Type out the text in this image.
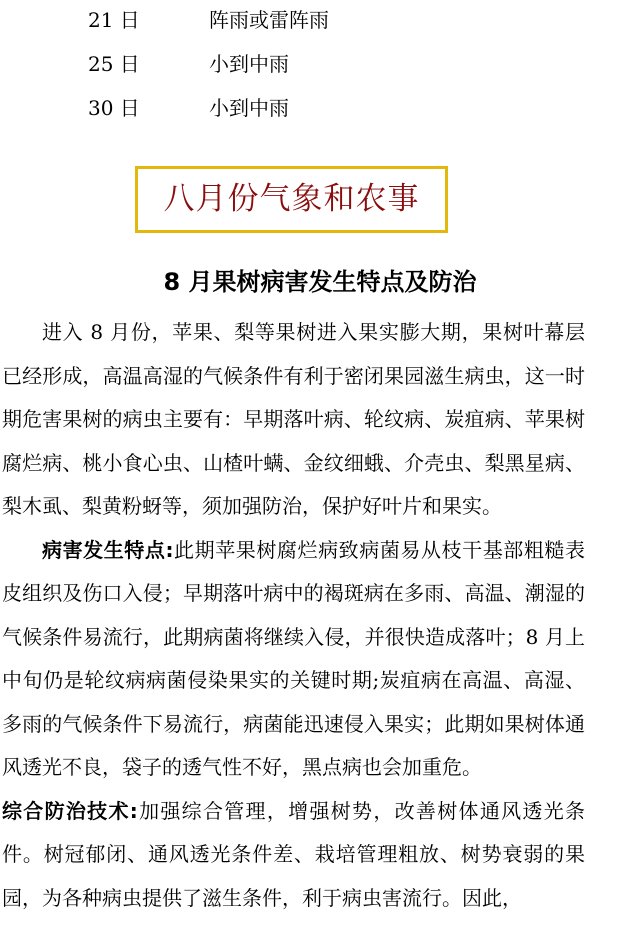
21 日	阵雨或雷阵雨
25 日	小到中雨
30 日	小到中雨
八月份气象和农事
8 月果树病害发生特点及防治

进入 8 月份，苹果、梨等果树进入果实膨大期，果树叶幕层已经形成，高温高湿的气候条件有利于密闭果园滋生病虫，这一时期危害果树的病虫主要有：早期落叶病、轮纹病、炭疽病、苹果树腐烂病、桃小食心虫、山楂叶螨、金纹细蛾、介壳虫、梨黑星病、梨木虱、梨黄粉蚜等，须加强防治，保护好叶片和果实。

病害发生特点:此期苹果树腐烂病致病菌易从枝干基部粗糙表皮组织及伤口入侵；早期落叶病中的褐斑病在多雨、高温、潮湿的气候条件易流行，此期病菌将继续入侵，并很快造成落叶；8 月上中旬仍是轮纹病病菌侵染果实的关键时期;炭疽病在高温、高湿、多雨的气候条件下易流行，病菌能迅速侵入果实；此期如果树体通风透光不良，袋子的透气性不好，黑点病也会加重危。

综合防治技术:加强综合管理，增强树势，改善树体通风透光条件。树冠郁闭、通风透光条件差、栽培管理粗放、树势衰弱的果园，为各种病虫提供了滋生条件，利于病虫害流行。因此，
